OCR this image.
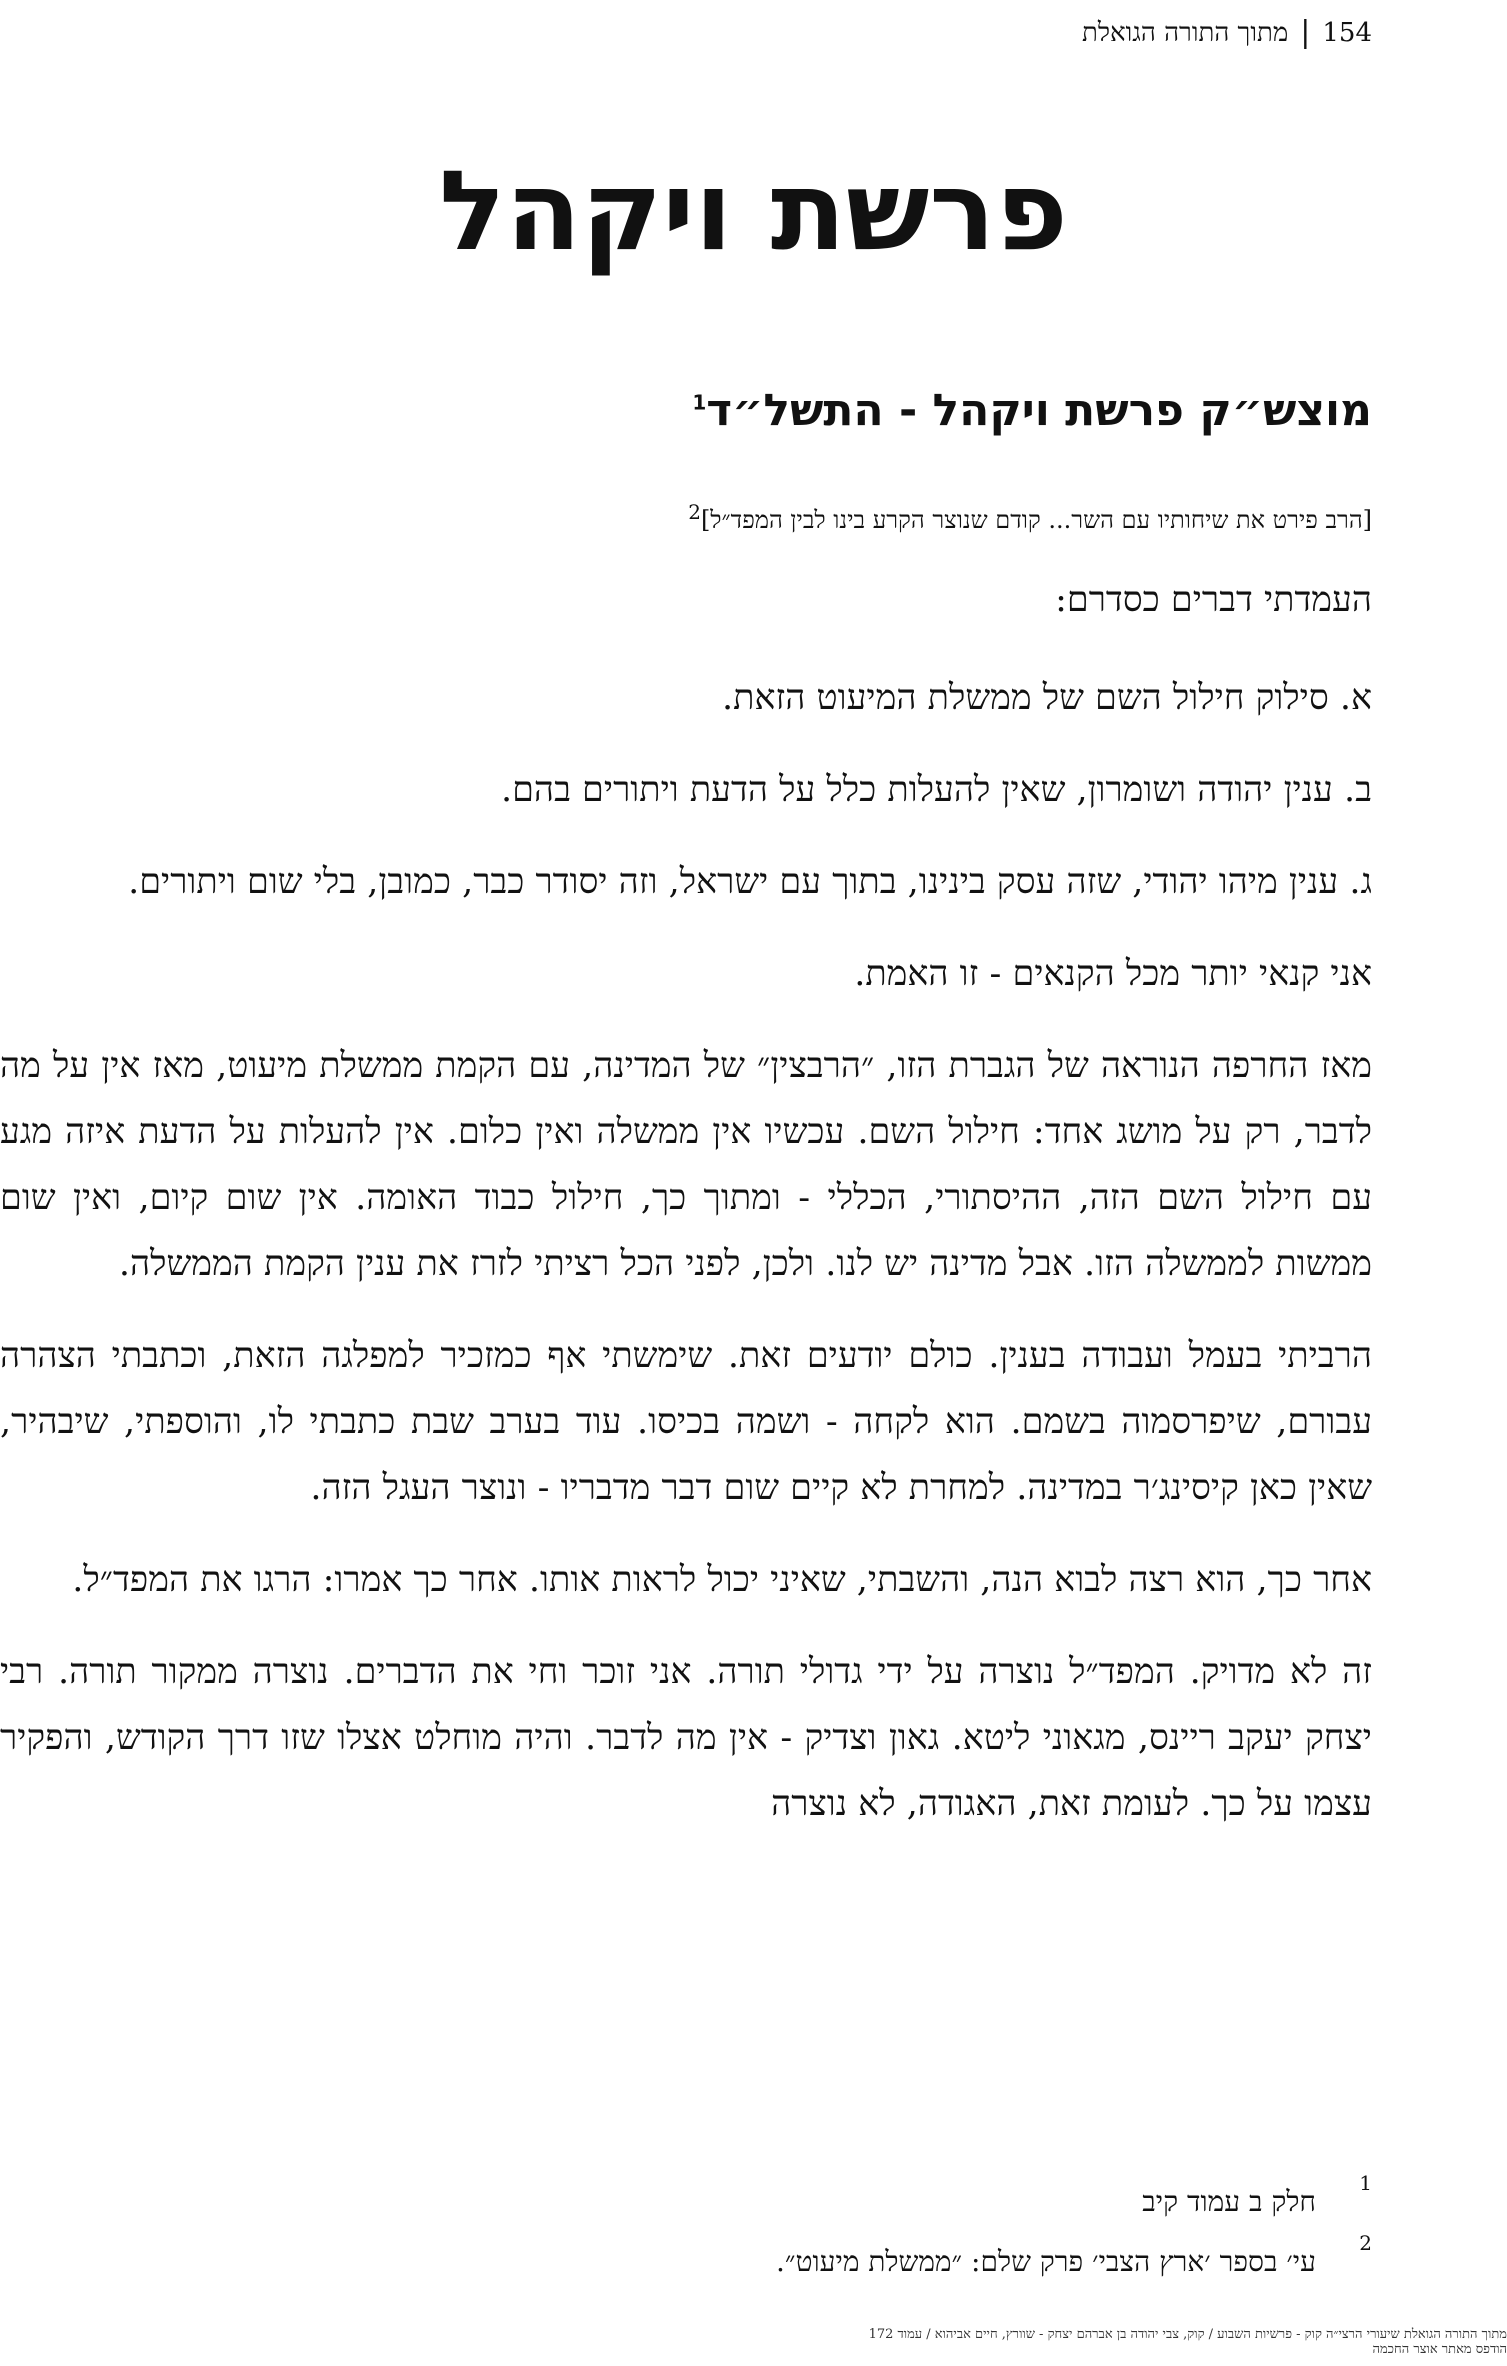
154
|
מתוך התורה הגואלת
פרשת ויקהל
מוצש״ק פרשת ויקהל - התשל״ד$^1$
[הרב פירט את שיחותיו עם השר... קודם שנוצר הקרע בינו לבין המפד״ל]$^2$

העמדתי דברים כסדרם:

א. סילוק חילול השם של ממשלת המיעוט הזאת.

ב. ענין יהודה ושומרון, שאין להעלות כלל על הדעת ויתורים בהם.

ג. ענין מיהו יהודי, שזה עסק בינינו, בתוך עם ישראל, וזה יסודר כבר, כמובן, בלי שום ויתורים.

אני קנאי יותר מכל הקנאים - זו האמת.

מאז החרפה הנוראה של הגברת הזו, ״הרבצין״ של המדינה, עם הקמת ממשלת מיעוט, מאז אין על מה לדבר, רק על מושג אחד: חילול השם. עכשיו אין ממשלה ואין כלום. אין להעלות על הדעת איזה מגע עם חילול השם הזה, ההיסתורי, הכללי - ומתוך כך, חילול כבוד האומה. אין שום קיום, ואין שום ממשות לממשלה הזו. אבל מדינה יש לנו. ולכן, לפני הכל רציתי לזרז את ענין הקמת הממשלה.

הרביתי בעמל ועבודה בענין. כולם יודעים זאת. שימשתי אף כמזכיר למפלגה הזאת, וכתבתי הצהרה עבורם, שיפרסמוה בשמם. הוא לקחה - ושמה בכיסו. עוד בערב שבת כתבתי לו, והוספתי, שיבהיר, שאין כאן קיסינג׳ר במדינה. למחרת לא קיים שום דבר מדבריו - ונוצר העגל הזה.

אחר כך, הוא רצה לבוא הנה, והשבתי, שאיני יכול לראות אותו. אחר כך אמרו: הרגו את המפד״ל.

זה לא מדויק. המפד״ל נוצרה על ידי גדולי תורה. אני זוכר וחי את הדברים. נוצרה ממקור תורה. רבי יצחק יעקב ריינס, מגאוני ליטא. גאון וצדיק - אין מה לדבר. והיה מוחלט אצלו שזו דרך הקודש, והפקיר עצמו על כך. לעומת זאת, האגודה, לא נוצרה

1
חלק ב עמוד קיב
2
עי׳ בספר ׳ארץ הצבי׳ פרק שלם: ״ממשלת מיעוט״.
מתוך התורה הגואלת שיעורי הרצי״ה קוק - פרשיות השבוע / קוק, צבי יהודה בן אברהם יצחק - שוורץ, חיים אביהוא / עמוד 172
הודפס מאתר אוצר החכמה
